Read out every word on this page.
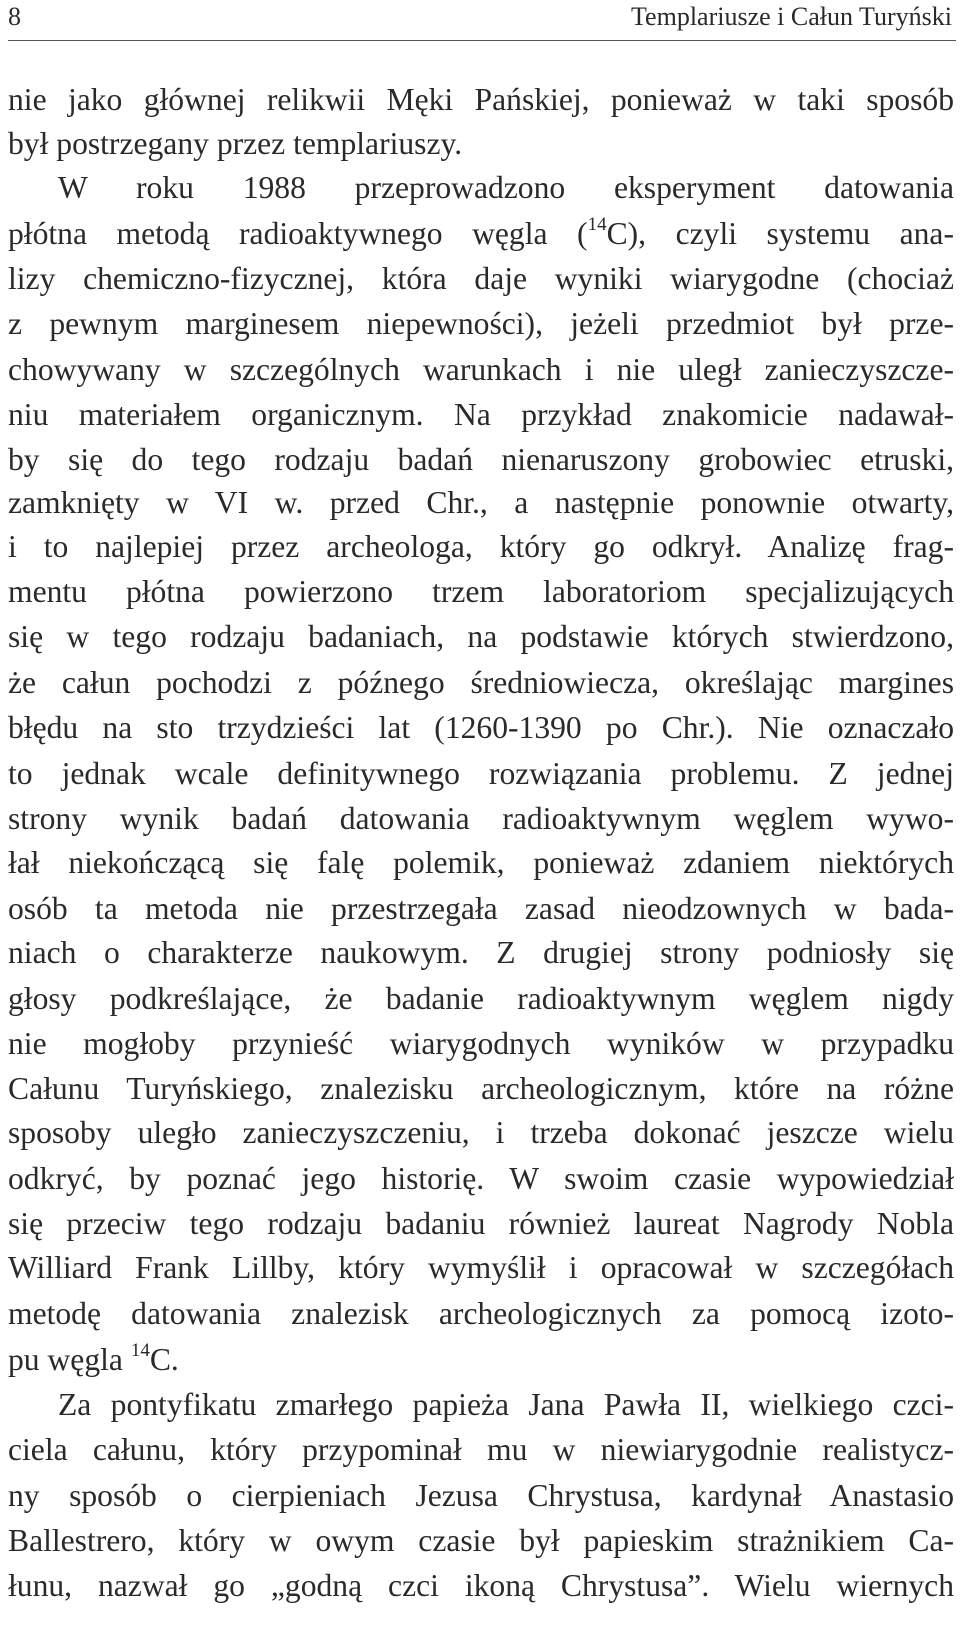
8	Templariusze i Całun Turyński
nie jako głównej relikwii Męki Pańskiej, ponieważ w taki sposób
był postrzegany przez templariuszy.
W roku 1988 przeprowadzono eksperyment datowania
płótna metodą radioaktywnego węgla ($^{14}$C), czyli systemu ana-
lizy chemiczno-fizycznej, która daje wyniki wiarygodne (chociaż
z pewnym marginesem niepewności), jeżeli przedmiot był prze-
chowywany w szczególnych warunkach i nie uległ zanieczyszcze-
niu materiałem organicznym. Na przykład znakomicie nadawał-
by się do tego rodzaju badań nienaruszony grobowiec etruski,
zamknięty w VI w. przed Chr., a następnie ponownie otwarty,
i to najlepiej przez archeologa, który go odkrył. Analizę frag-
mentu płótna powierzono trzem laboratoriom specjalizujących
się w tego rodzaju badaniach, na podstawie których stwierdzono,
że całun pochodzi z późnego średniowiecza, określając margines
błędu na sto trzydzieści lat (1260-1390 po Chr.). Nie oznaczało
to jednak wcale definitywnego rozwiązania problemu. Z jednej
strony wynik badań datowania radioaktywnym węglem wywo-
łał niekończącą się falę polemik, ponieważ zdaniem niektórych
osób ta metoda nie przestrzegała zasad nieodzownych w bada-
niach o charakterze naukowym. Z drugiej strony podniosły się
głosy podkreślające, że badanie radioaktywnym węglem nigdy
nie mogłoby przynieść wiarygodnych wyników w przypadku
Całunu Turyńskiego, znalezisku archeologicznym, które na różne
sposoby uległo zanieczyszczeniu, i trzeba dokonać jeszcze wielu
odkryć, by poznać jego historię. W swoim czasie wypowiedział
się przeciw tego rodzaju badaniu również laureat Nagrody Nobla
Williard Frank Lillby, który wymyślił i opracował w szczegółach
metodę datowania znalezisk archeologicznych za pomocą izoto-
pu węgla $^{14}$C.
Za pontyfikatu zmarłego papieża Jana Pawła II, wielkiego czci-
ciela całunu, który przypominał mu w niewiarygodnie realistycz-
ny sposób o cierpieniach Jezusa Chrystusa, kardynał Anastasio
Ballestrero, który w owym czasie był papieskim strażnikiem Ca-
łunu, nazwał go „godną czci ikoną Chrystusa”. Wielu wiernych
